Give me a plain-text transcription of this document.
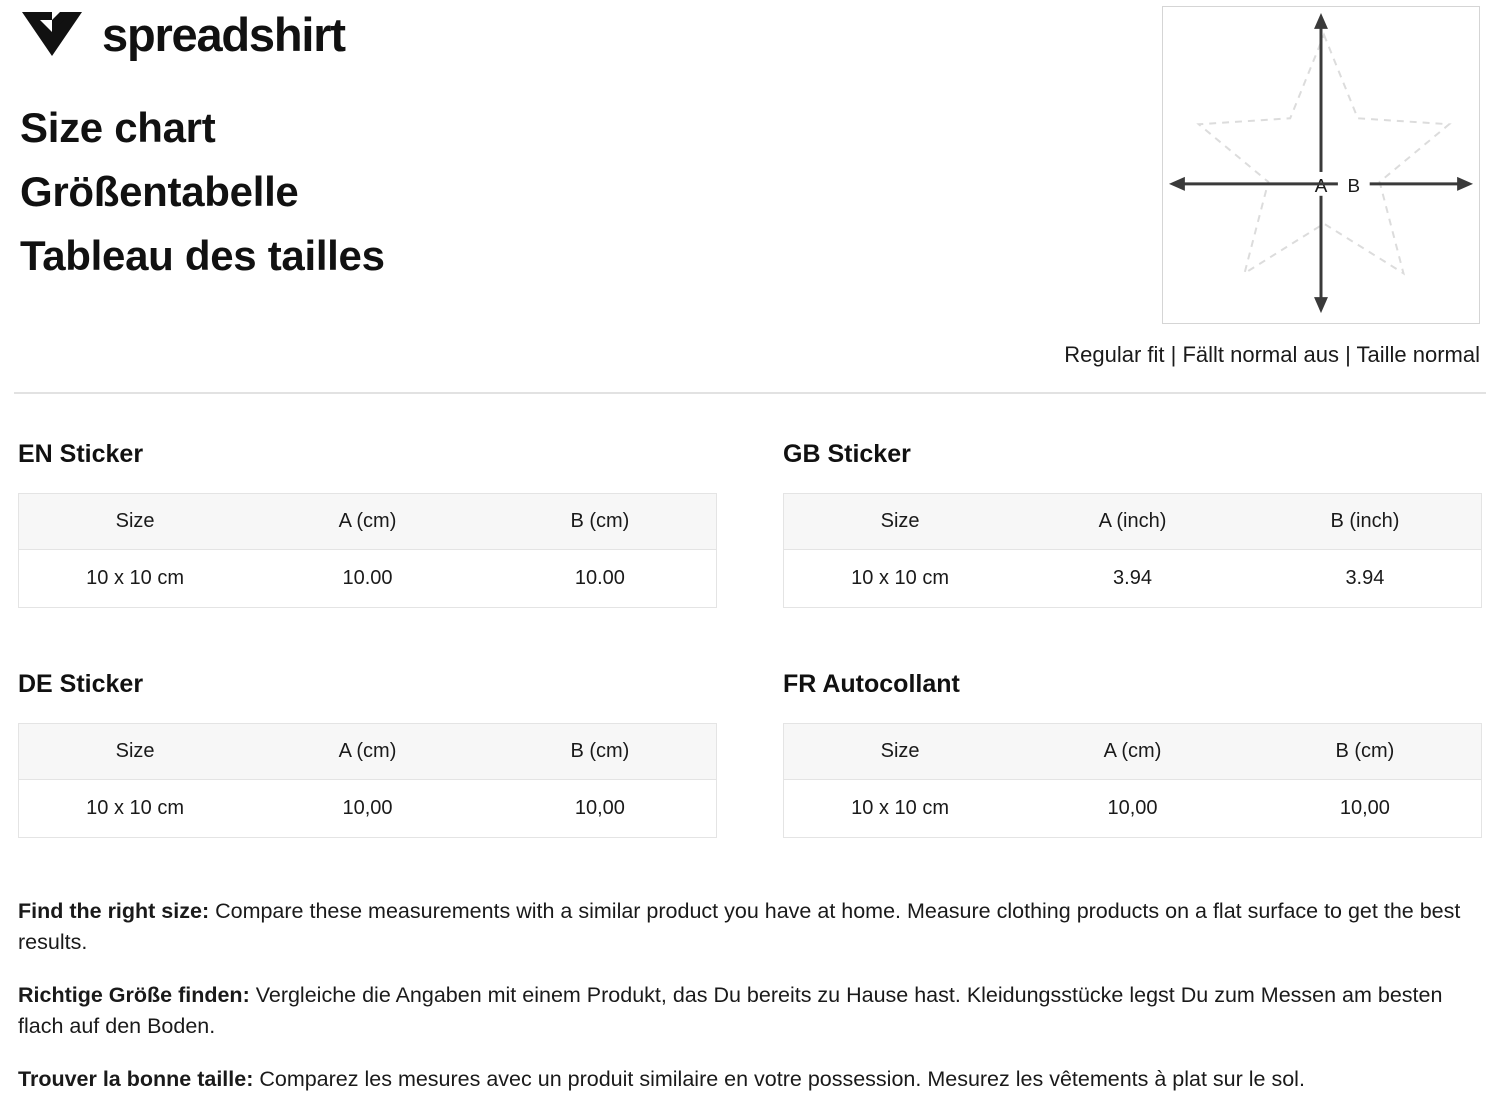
spreadshirt
Size chart
Größentabelle
Tableau des tailles
A B
Regular fit | Fällt normal aus | Taille normal
EN Sticker
Size	A (cm)	B (cm)
10 x 10 cm	10.00	10.00
GB Sticker
Size	A (inch)	B (inch)
10 x 10 cm	3.94	3.94
DE Sticker
Size	A (cm)	B (cm)
10 x 10 cm	10,00	10,00
FR Autocollant
Size	A (cm)	B (cm)
10 x 10 cm	10,00	10,00

Find the right size: Compare these measurements with a similar product you have at home. Measure clothing products on a flat surface to get the best results.

Richtige Größe finden: Vergleiche die Angaben mit einem Produkt, das Du bereits zu Hause hast. Kleidungsstücke legst Du zum Messen am besten flach auf den Boden.

Trouver la bonne taille: Comparez les mesures avec un produit similaire en votre possession. Mesurez les vêtements à plat sur le sol.
